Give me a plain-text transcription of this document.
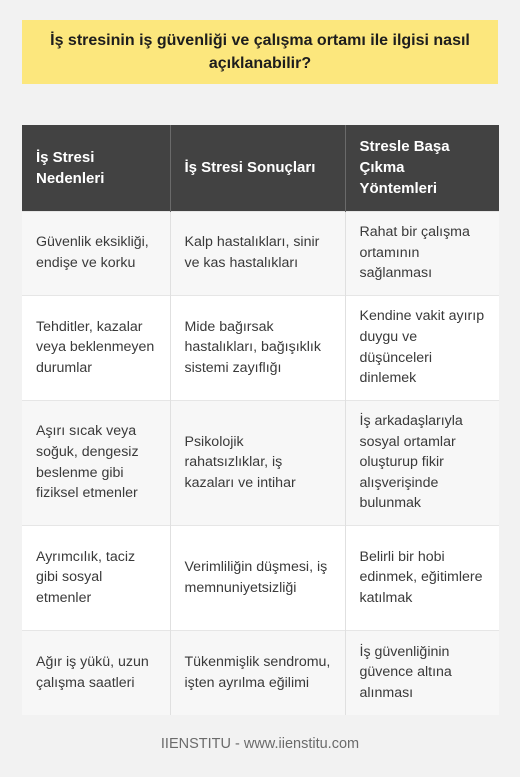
İş stresinin iş güvenliği ve çalışma ortamı ile ilgisi nasıl açıklanabilir?
İş Stresi Nedenleri	İş Stresi Sonuçları	Stresle Başa Çıkma Yöntemleri
Güvenlik eksikliği, endişe ve korku	Kalp hastalıkları, sinir ve kas hastalıkları	Rahat bir çalışma ortamının sağlanması
Tehditler, kazalar veya beklenmeyen durumlar	Mide bağırsak hastalıkları, bağışıklık sistemi zayıflığı	Kendine vakit ayırıp duygu ve düşünceleri dinlemek
Aşırı sıcak veya soğuk, dengesiz beslenme gibi fiziksel etmenler	Psikolojik rahatsızlıklar, iş kazaları ve intihar	İş arkadaşlarıyla sosyal ortamlar oluşturup fikir alışverişinde bulunmak
Ayrımcılık, taciz gibi sosyal etmenler	Verimliliğin düşmesi, iş memnuniyetsizliği	Belirli bir hobi edinmek, eğitimlere katılmak
Ağır iş yükü, uzun çalışma saatleri	Tükenmişlik sendromu, işten ayrılma eğilimi	İş güvenliğinin güvence altına alınması
IIENSTITU - www.iienstitu.com
